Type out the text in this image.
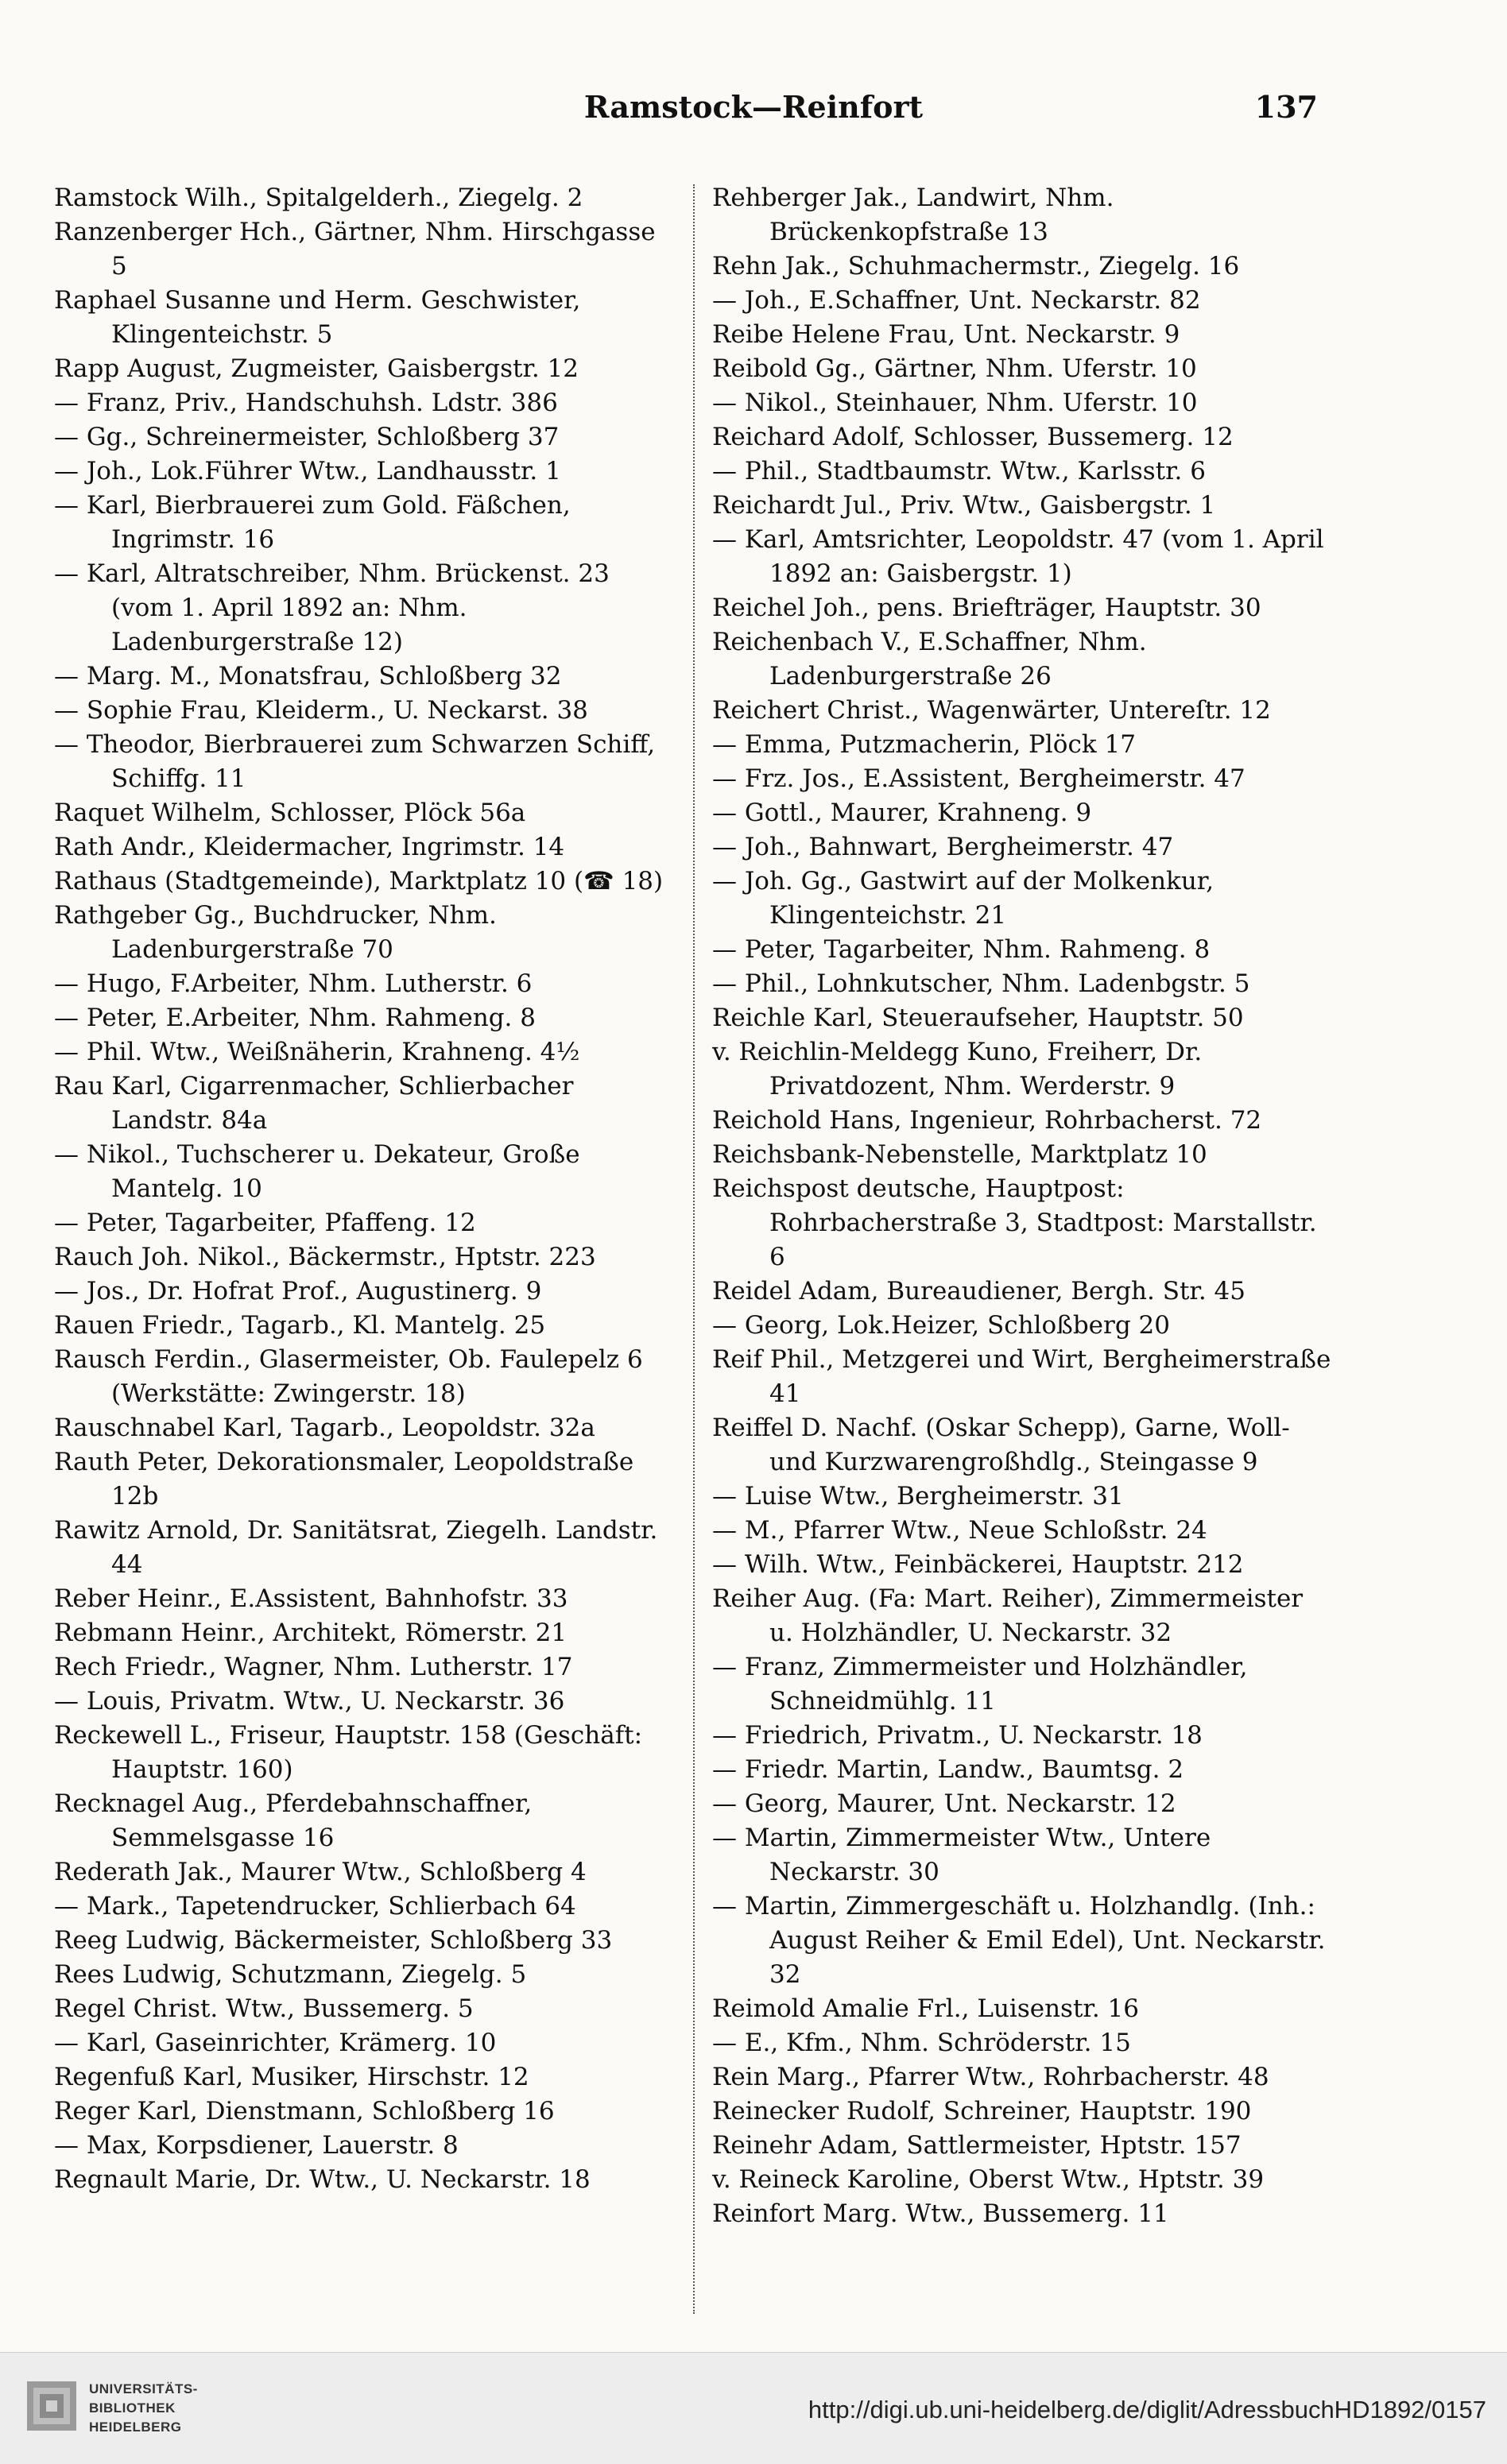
Ramstock—Reinfort	137
Ramstock Wilh., Spitalgelderh., Ziegelg. 2
Ranzenberger Hch., Gärtner, Nhm. Hirschgasse 5
Raphael Susanne und Herm. Geschwister, Klingenteichstr. 5
Rapp August, Zugmeister, Gaisbergstr. 12
— Franz, Priv., Handschuhsh. Ldstr. 386
— Gg., Schreinermeister, Schloßberg 37
— Joh., Lok.Führer Wtw., Landhausstr. 1
— Karl, Bierbrauerei zum Gold. Fäßchen, Ingrimstr. 16
— Karl, Altratschreiber, Nhm. Brückenst. 23 (vom 1. April 1892 an: Nhm. Ladenburgerstraße 12)
— Marg. M., Monatsfrau, Schloßberg 32
— Sophie Frau, Kleiderm., U. Neckarst. 38
— Theodor, Bierbrauerei zum Schwarzen Schiff, Schiffg. 11
Raquet Wilhelm, Schlosser, Plöck 56a
Rath Andr., Kleidermacher, Ingrimstr. 14
Rathaus (Stadtgemeinde), Marktplatz 10 (☎ 18)
Rathgeber Gg., Buchdrucker, Nhm. Ladenburgerstraße 70
— Hugo, F.Arbeiter, Nhm. Lutherstr. 6
— Peter, E.Arbeiter, Nhm. Rahmeng. 8
— Phil. Wtw., Weißnäherin, Krahneng. 4½
Rau Karl, Cigarrenmacher, Schlierbacher Landstr. 84a
— Nikol., Tuchscherer u. Dekateur, Große Mantelg. 10
— Peter, Tagarbeiter, Pfaffeng. 12
Rauch Joh. Nikol., Bäckermstr., Hptstr. 223
— Jos., Dr. Hofrat Prof., Augustinerg. 9
Rauen Friedr., Tagarb., Kl. Mantelg. 25
Rausch Ferdin., Glasermeister, Ob. Faulepelz 6 (Werkstätte: Zwingerstr. 18)
Rauschnabel Karl, Tagarb., Leopoldstr. 32a
Rauth Peter, Dekorationsmaler, Leopoldstraße 12b
Rawitz Arnold, Dr. Sanitätsrat, Ziegelh. Landstr. 44
Reber Heinr., E.Assistent, Bahnhofstr. 33
Rebmann Heinr., Architekt, Römerstr. 21
Rech Friedr., Wagner, Nhm. Lutherstr. 17
— Louis, Privatm. Wtw., U. Neckarstr. 36
Reckewell L., Friseur, Hauptstr. 158 (Geschäft: Hauptstr. 160)
Recknagel Aug., Pferdebahnschaffner, Semmelsgasse 16
Rederath Jak., Maurer Wtw., Schloßberg 4
— Mark., Tapetendrucker, Schlierbach 64
Reeg Ludwig, Bäckermeister, Schloßberg 33
Rees Ludwig, Schutzmann, Ziegelg. 5
Regel Christ. Wtw., Bussemerg. 5
— Karl, Gaseinrichter, Krämerg. 10
Regenfuß Karl, Musiker, Hirschstr. 12
Reger Karl, Dienstmann, Schloßberg 16
— Max, Korpsdiener, Lauerstr. 8
Regnault Marie, Dr. Wtw., U. Neckarstr. 18
Rehberger Jak., Landwirt, Nhm. Brückenkopfstraße 13
Rehn Jak., Schuhmachermstr., Ziegelg. 16
— Joh., E.Schaffner, Unt. Neckarstr. 82
Reibe Helene Frau, Unt. Neckarstr. 9
Reibold Gg., Gärtner, Nhm. Uferstr. 10
— Nikol., Steinhauer, Nhm. Uferstr. 10
Reichard Adolf, Schlosser, Bussemerg. 12
— Phil., Stadtbaumstr. Wtw., Karlsstr. 6
Reichardt Jul., Priv. Wtw., Gaisbergstr. 1
— Karl, Amtsrichter, Leopoldstr. 47 (vom 1. April 1892 an: Gaisbergstr. 1)
Reichel Joh., pens. Briefträger, Hauptstr. 30
Reichenbach V., E.Schaffner, Nhm. Ladenburgerstraße 26
Reichert Christ., Wagenwärter, Untereſtr. 12
— Emma, Putzmacherin, Plöck 17
— Frz. Jos., E.Assistent, Bergheimerstr. 47
— Gottl., Maurer, Krahneng. 9
— Joh., Bahnwart, Bergheimerstr. 47
— Joh. Gg., Gastwirt auf der Molkenkur, Klingenteichstr. 21
— Peter, Tagarbeiter, Nhm. Rahmeng. 8
— Phil., Lohnkutscher, Nhm. Ladenbgstr. 5
Reichle Karl, Steueraufseher, Hauptstr. 50
v. Reichlin-Meldegg Kuno, Freiherr, Dr. Privatdozent, Nhm. Werderstr. 9
Reichold Hans, Ingenieur, Rohrbacherst. 72
Reichsbank-Nebenstelle, Marktplatz 10
Reichspost deutsche, Hauptpost: Rohrbacherstraße 3, Stadtpost: Marstallstr. 6
Reidel Adam, Bureaudiener, Bergh. Str. 45
— Georg, Lok.Heizer, Schloßberg 20
Reif Phil., Metzgerei und Wirt, Bergheimerstraße 41
Reiffel D. Nachf. (Oskar Schepp), Garne, Woll- und Kurzwarengroßhdlg., Steingasse 9
— Luise Wtw., Bergheimerstr. 31
— M., Pfarrer Wtw., Neue Schloßstr. 24
— Wilh. Wtw., Feinbäckerei, Hauptstr. 212
Reiher Aug. (Fa: Mart. Reiher), Zimmermeister u. Holzhändler, U. Neckarstr. 32
— Franz, Zimmermeister und Holzhändler, Schneidmühlg. 11
— Friedrich, Privatm., U. Neckarstr. 18
— Friedr. Martin, Landw., Baumtsg. 2
— Georg, Maurer, Unt. Neckarstr. 12
— Martin, Zimmermeister Wtw., Untere Neckarstr. 30
— Martin, Zimmergeschäft u. Holzhandlg. (Inh.: August Reiher & Emil Edel), Unt. Neckarstr. 32
Reimold Amalie Frl., Luisenstr. 16
— E., Kfm., Nhm. Schröderstr. 15
Rein Marg., Pfarrer Wtw., Rohrbacherstr. 48
Reinecker Rudolf, Schreiner, Hauptstr. 190
Reinehr Adam, Sattlermeister, Hptstr. 157
v. Reineck Karoline, Oberst Wtw., Hptstr. 39
Reinfort Marg. Wtw., Bussemerg. 11
UNIVERSITÄTS-
BIBLIOTHEK
HEIDELBERG
http://digi.ub.uni-heidelberg.de/diglit/AdressbuchHD1892/0157
